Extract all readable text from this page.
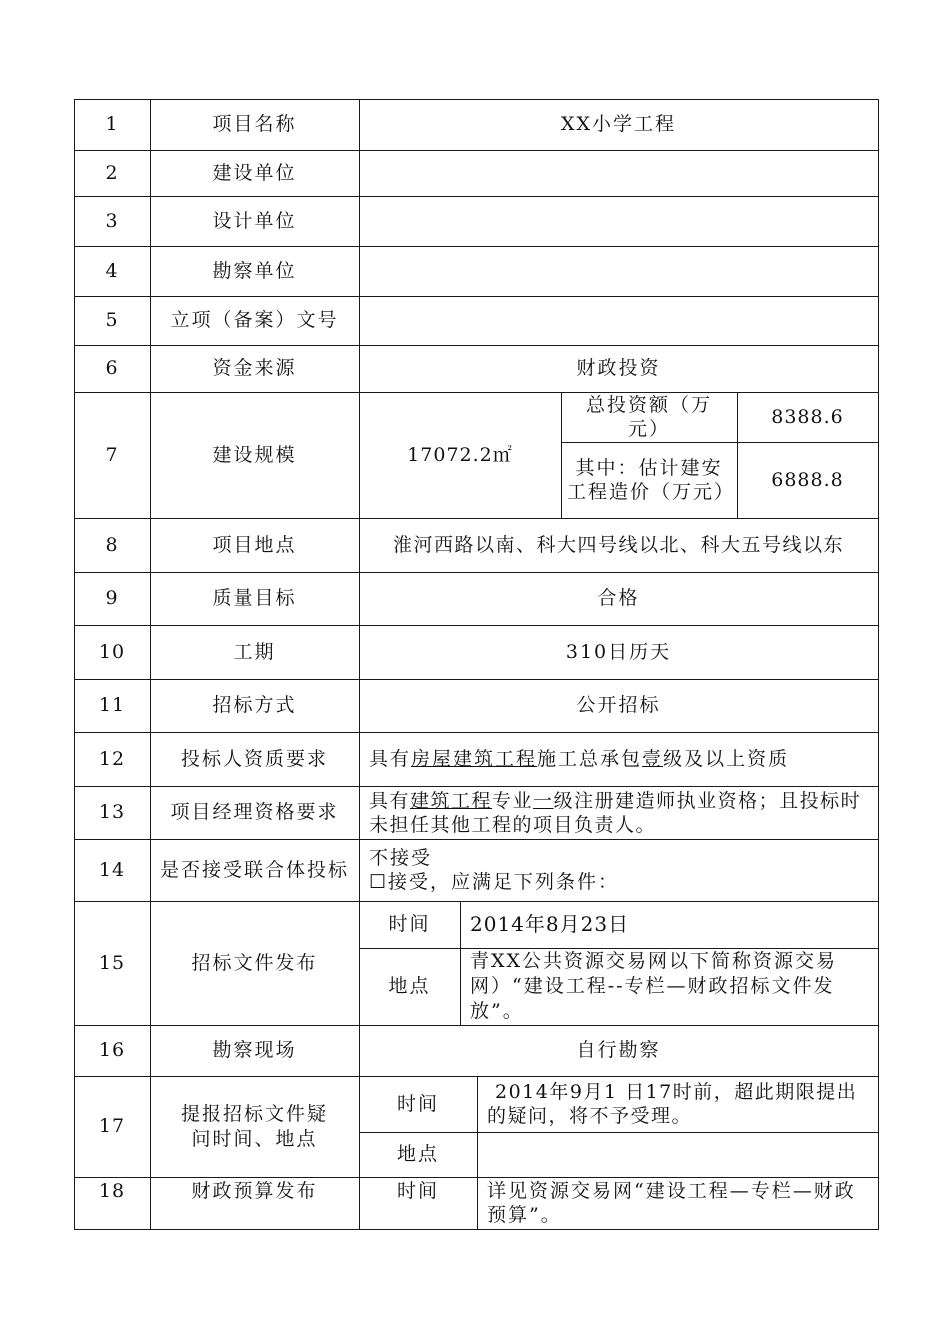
1
2
3
4
5
6
7
8
9
10
11
12
13
14
15
16
17
18
项目名称
建设单位
设计单位
勘察单位
立项（备案）文号
资金来源
建设规模
项目地点
质量目标
工期
招标方式
投标人资质要求
项目经理资格要求
是否接受联合体投标
招标文件发布
勘察现场
提报招标文件疑问时间、地点
财政预算发布
XX小学工程
财政投资
17072.2㎡
总投资额（万元）
8388.6
其中：估计建安工程造价（万元）
6888.8
淮河西路以南、科大四号线以北、科大五号线以东
合格
310日历天
公开招标
具有房屋建筑工程施工总承包壹级及以上资质
具有建筑工程专业一级注册建造师执业资格；且投标时未担任其他工程的项目负责人。
不接受
☐接受，应满足下列条件：
时间	2014年8月23日
地点
青XX公共资源交易网以下简称资源交易网）“建设工程--专栏—财政招标文件发放”。
自行勘察
时间
2014年9月1 日17时前，超此期限提出的疑问，将不予受理。
地点
时间	详见资源交易网“建设工程—专栏—财政预算”。
